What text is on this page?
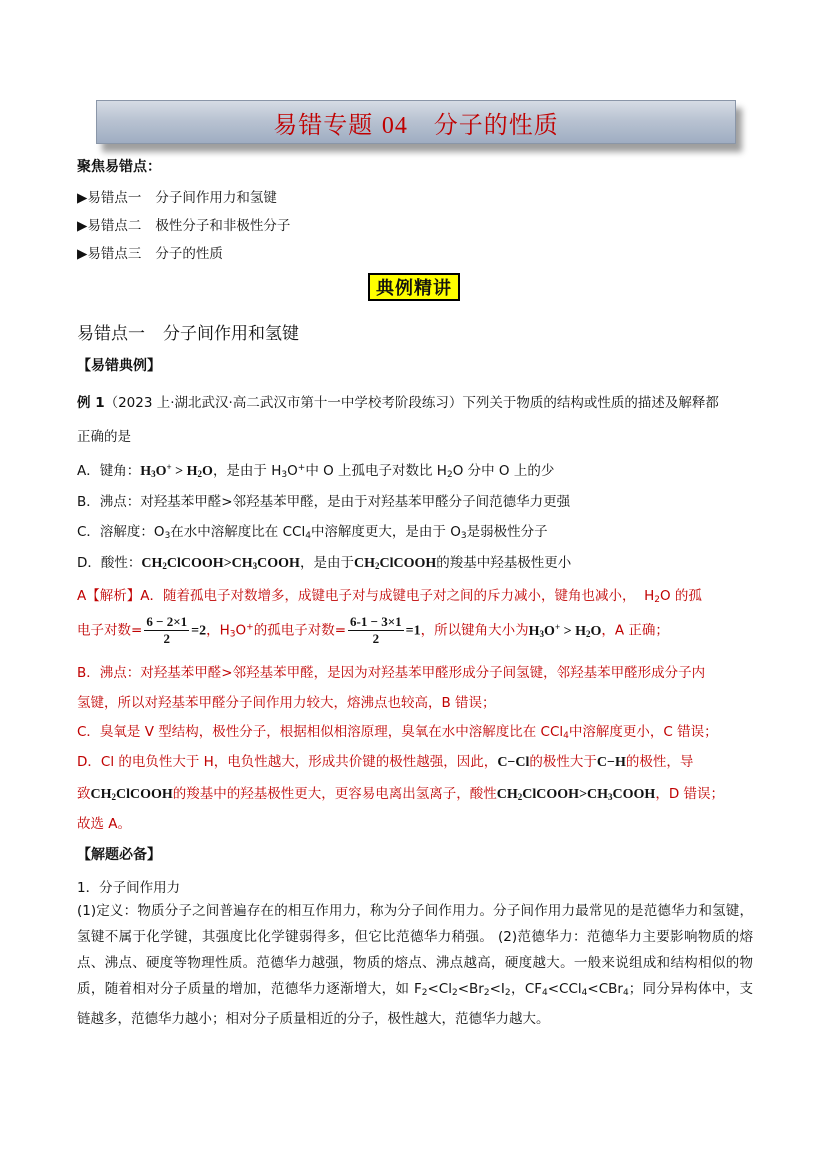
易错专题 04 分子的性质
聚焦易错点：
▶易错点一 分子间作用力和氢键
▶易错点二 极性分子和非极性分子
▶易错点三 分子的性质
典例精讲
易错点一 分子间作用和氢键
【易错典例】
例 1（2023 上·湖北武汉·高二武汉市第十一中学校考阶段练习）下列关于物质的结构或性质的描述及解释都
正确的是
A．键角：$H_3O^+ > H_2O$，是由于 $H_3O^+$中 O 上孤电子对数比 $H_2O$ 分中 O 上的少
B．沸点：对羟基苯甲醛>邻羟基苯甲醛，是由于对羟基苯甲醛分子间范德华力更强
C．溶解度：$O_3$在水中溶解度比在 CCl$_4$中溶解度更大，是由于 $O_3$是弱极性分子
D．酸性：$CH_2ClCOOH>CH_3COOH$，是由于$CH_2ClCOOH$的羧基中羟基极性更小
A【解析】A．随着孤电子对数增多，成键电子对与成键电子对之间的斥力减小，键角也减小， $H_2O$ 的孤
电子对数= $\frac{6 - 2\times 1}{2} =2$，$H_3O^+$的孤电子对数= $\frac{6-1 - 3\times 1}{2} =1$，所以键角大小为$H_3O^+ > H_2O$，A 正确；
B．沸点：对羟基苯甲醛>邻羟基苯甲醛，是因为对羟基苯甲醛形成分子间氢键，邻羟基苯甲醛形成分子内
氢键，所以对羟基苯甲醛分子间作用力较大，熔沸点也较高，B 错误；
C．臭氧是 V 型结构，极性分子，根据相似相溶原理，臭氧在水中溶解度比在 CCl$_4$中溶解度更小，C 错误；
D．Cl 的电负性大于 H，电负性越大，形成共价键的极性越强，因此，C−Cl的极性大于C−H的极性，导
致$CH_2ClCOOH$的羧基中的羟基极性更大，更容易电离出氢离子，酸性$CH_2ClCOOH>CH_3COOH$，D 错误；
故选 A。
【解题必备】
1．分子间作用力
(1)定义：物质分子之间普遍存在的相互作用力，称为分子间作用力。分子间作用力最常见的是范德华力和氢键，氢键不属于化学键，其强度比化学键弱得多，但它比范德华力稍强。 (2)范德华力：范德华力主要影响物质的熔点、沸点、硬度等物理性质。范德华力越强，物质的熔点、沸点越高，硬度越大。一般来说组成和结构相似的物质，随着相对分子质量的增加，范德华力逐渐增大，如 $F_2<Cl_2<Br_2<I_2$，$CF_4<CCl_4<CBr_4$；同分异构体中，支链越多，范德华力越小；相对分子质量相近的分子，极性越大，范德华力越大。
